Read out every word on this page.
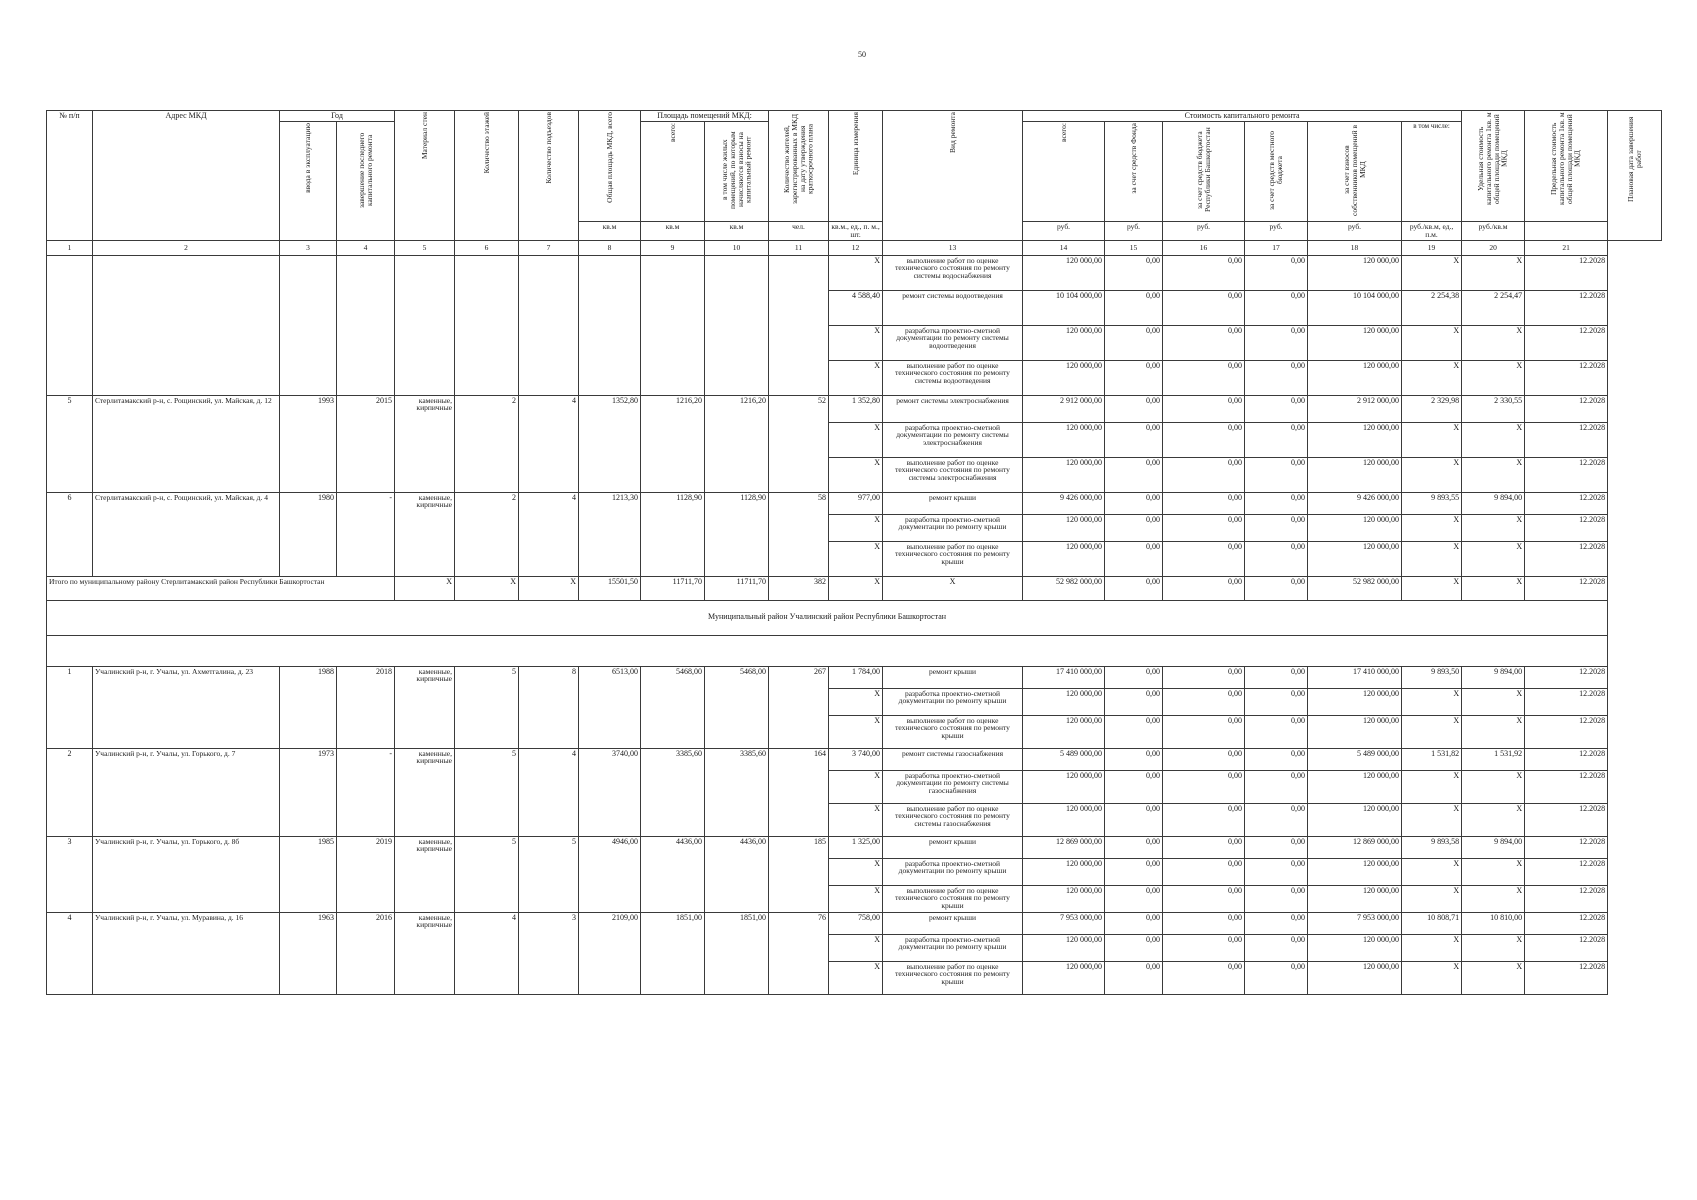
50
№ п/п	Адрес МКД	Год		Материал стен	Количество этажей	Количество подъездов	Общая площадь МКД, всего	Площадь помещений МКД:		Количество жителей, зарегистрированных в МКД на дату утверждения краткосрочного плана	Единица измерения	Вид ремонта	Стоимость капитального ремонта						Удельная стоимость капитального ремонта 1кв. м общей площади помещений МКД	Предельная стоимость капитального ремонта 1кв. м общей площади помещений МКД	Плановая дата завершения работ
		ввода в эксплуатацию	завершение последнего капитального ремонта					всего:	в том числе жилых помещений, по которым начисляются взносы на капитальный ремонт				всего:	за счет средств Фонда	за счет средств бюджета Республики Башкортостан	за счет средств местного бюджета	за счет взносов собственников помещений в МКД	в том числе:			
							кв.м	кв.м	кв.м	чел.	кв.м., ед., п. м., шт.		руб.	руб.	руб.	руб.	руб.	руб./кв.м, ед., п.м.	руб./кв.м		
1	2	3	4	5	6	7	8	9	10	11	12	13	14	15	16	17	18	19	20	21	
											X	выполнение работ по оценке технического состояния по ремонту системы водоснабжения	120 000,00	0,00	0,00	0,00	120 000,00	X	X	12.2028	
											4 588,40	ремонт системы водоотведения	10 104 000,00	0,00	0,00	0,00	10 104 000,00	2 254,38	2 254,47	12.2028	
											X	разработка проектно-сметной документации по ремонту системы водоотведения	120 000,00	0,00	0,00	0,00	120 000,00	X	X	12.2028	
											X	выполнение работ по оценке технического состояния по ремонту системы водоотведения	120 000,00	0,00	0,00	0,00	120 000,00	X	X	12.2028	
5	Стерлитамакский р-н, с. Рощинский, ул. Майская, д. 12	1993	2015	каменные, кирпичные	2	4	1352,80	1216,20	1216,20	52	1 352,80	ремонт системы электроснабжения	2 912 000,00	0,00	0,00	0,00	2 912 000,00	2 329,98	2 330,55	12.2028	
											X	разработка проектно-сметной документации по ремонту системы электроснабжения	120 000,00	0,00	0,00	0,00	120 000,00	X	X	12.2028	
											X	выполнение работ по оценке технического состояния по ремонту системы электроснабжения	120 000,00	0,00	0,00	0,00	120 000,00	X	X	12.2028	
6	Стерлитамакский р-н, с. Рощинский, ул. Майская, д. 4	1980	-	каменные, кирпичные	2	4	1213,30	1128,90	1128,90	58	977,00	ремонт крыши	9 426 000,00	0,00	0,00	0,00	9 426 000,00	9 893,55	9 894,00	12.2028	
											X	разработка проектно-сметной документации по ремонту крыши	120 000,00	0,00	0,00	0,00	120 000,00	X	X	12.2028	
											X	выполнение работ по оценке технического состояния по ремонту крыши	120 000,00	0,00	0,00	0,00	120 000,00	X	X	12.2028	
Итого по муниципальному району Стерлитамакский район Республики Башкортостан				X	X	X	15501,50	11711,70	11711,70	382	X	X	52 982 000,00	0,00	0,00	0,00	52 982 000,00	X	X	12.2028	
Муниципальный район Учалинский район Республики Башкортостан																					

1	Учалинский р-н, г. Учалы, ул. Ахметгалина, д. 23	1988	2018	каменные, кирпичные	5	8	6513,00	5468,00	5468,00	267	1 784,00	ремонт крыши	17 410 000,00	0,00	0,00	0,00	17 410 000,00	9 893,50	9 894,00	12.2028	
											X	разработка проектно-сметной документации по ремонту крыши	120 000,00	0,00	0,00	0,00	120 000,00	X	X	12.2028	
											X	выполнение работ по оценке технического состояния по ремонту крыши	120 000,00	0,00	0,00	0,00	120 000,00	X	X	12.2028	
2	Учалинский р-н, г. Учалы, ул. Горького, д. 7	1973	-	каменные, кирпичные	5	4	3740,00	3385,60	3385,60	164	3 740,00	ремонт системы газоснабжения	5 489 000,00	0,00	0,00	0,00	5 489 000,00	1 531,82	1 531,92	12.2028	
											X	разработка проектно-сметной документации по ремонту системы газоснабжения	120 000,00	0,00	0,00	0,00	120 000,00	X	X	12.2028	
											X	выполнение работ по оценке технического состояния по ремонту системы газоснабжения	120 000,00	0,00	0,00	0,00	120 000,00	X	X	12.2028	
3	Учалинский р-н, г. Учалы, ул. Горького, д. 8б	1985	2019	каменные, кирпичные	5	5	4946,00	4436,00	4436,00	185	1 325,00	ремонт крыши	12 869 000,00	0,00	0,00	0,00	12 869 000,00	9 893,58	9 894,00	12.2028	
											X	разработка проектно-сметной документации по ремонту крыши	120 000,00	0,00	0,00	0,00	120 000,00	X	X	12.2028	
											X	выполнение работ по оценке технического состояния по ремонту крыши	120 000,00	0,00	0,00	0,00	120 000,00	X	X	12.2028	
4	Учалинский р-н, г. Учалы, ул. Муравина, д. 16	1963	2016	каменные, кирпичные	4	3	2109,00	1851,00	1851,00	76	758,00	ремонт крыши	7 953 000,00	0,00	0,00	0,00	7 953 000,00	10 808,71	10 810,00	12.2028	
											X	разработка проектно-сметной документации по ремонту крыши	120 000,00	0,00	0,00	0,00	120 000,00	X	X	12.2028	
											X	выполнение работ по оценке технического состояния по ремонту крыши	120 000,00	0,00	0,00	0,00	120 000,00	X	X	12.2028	
